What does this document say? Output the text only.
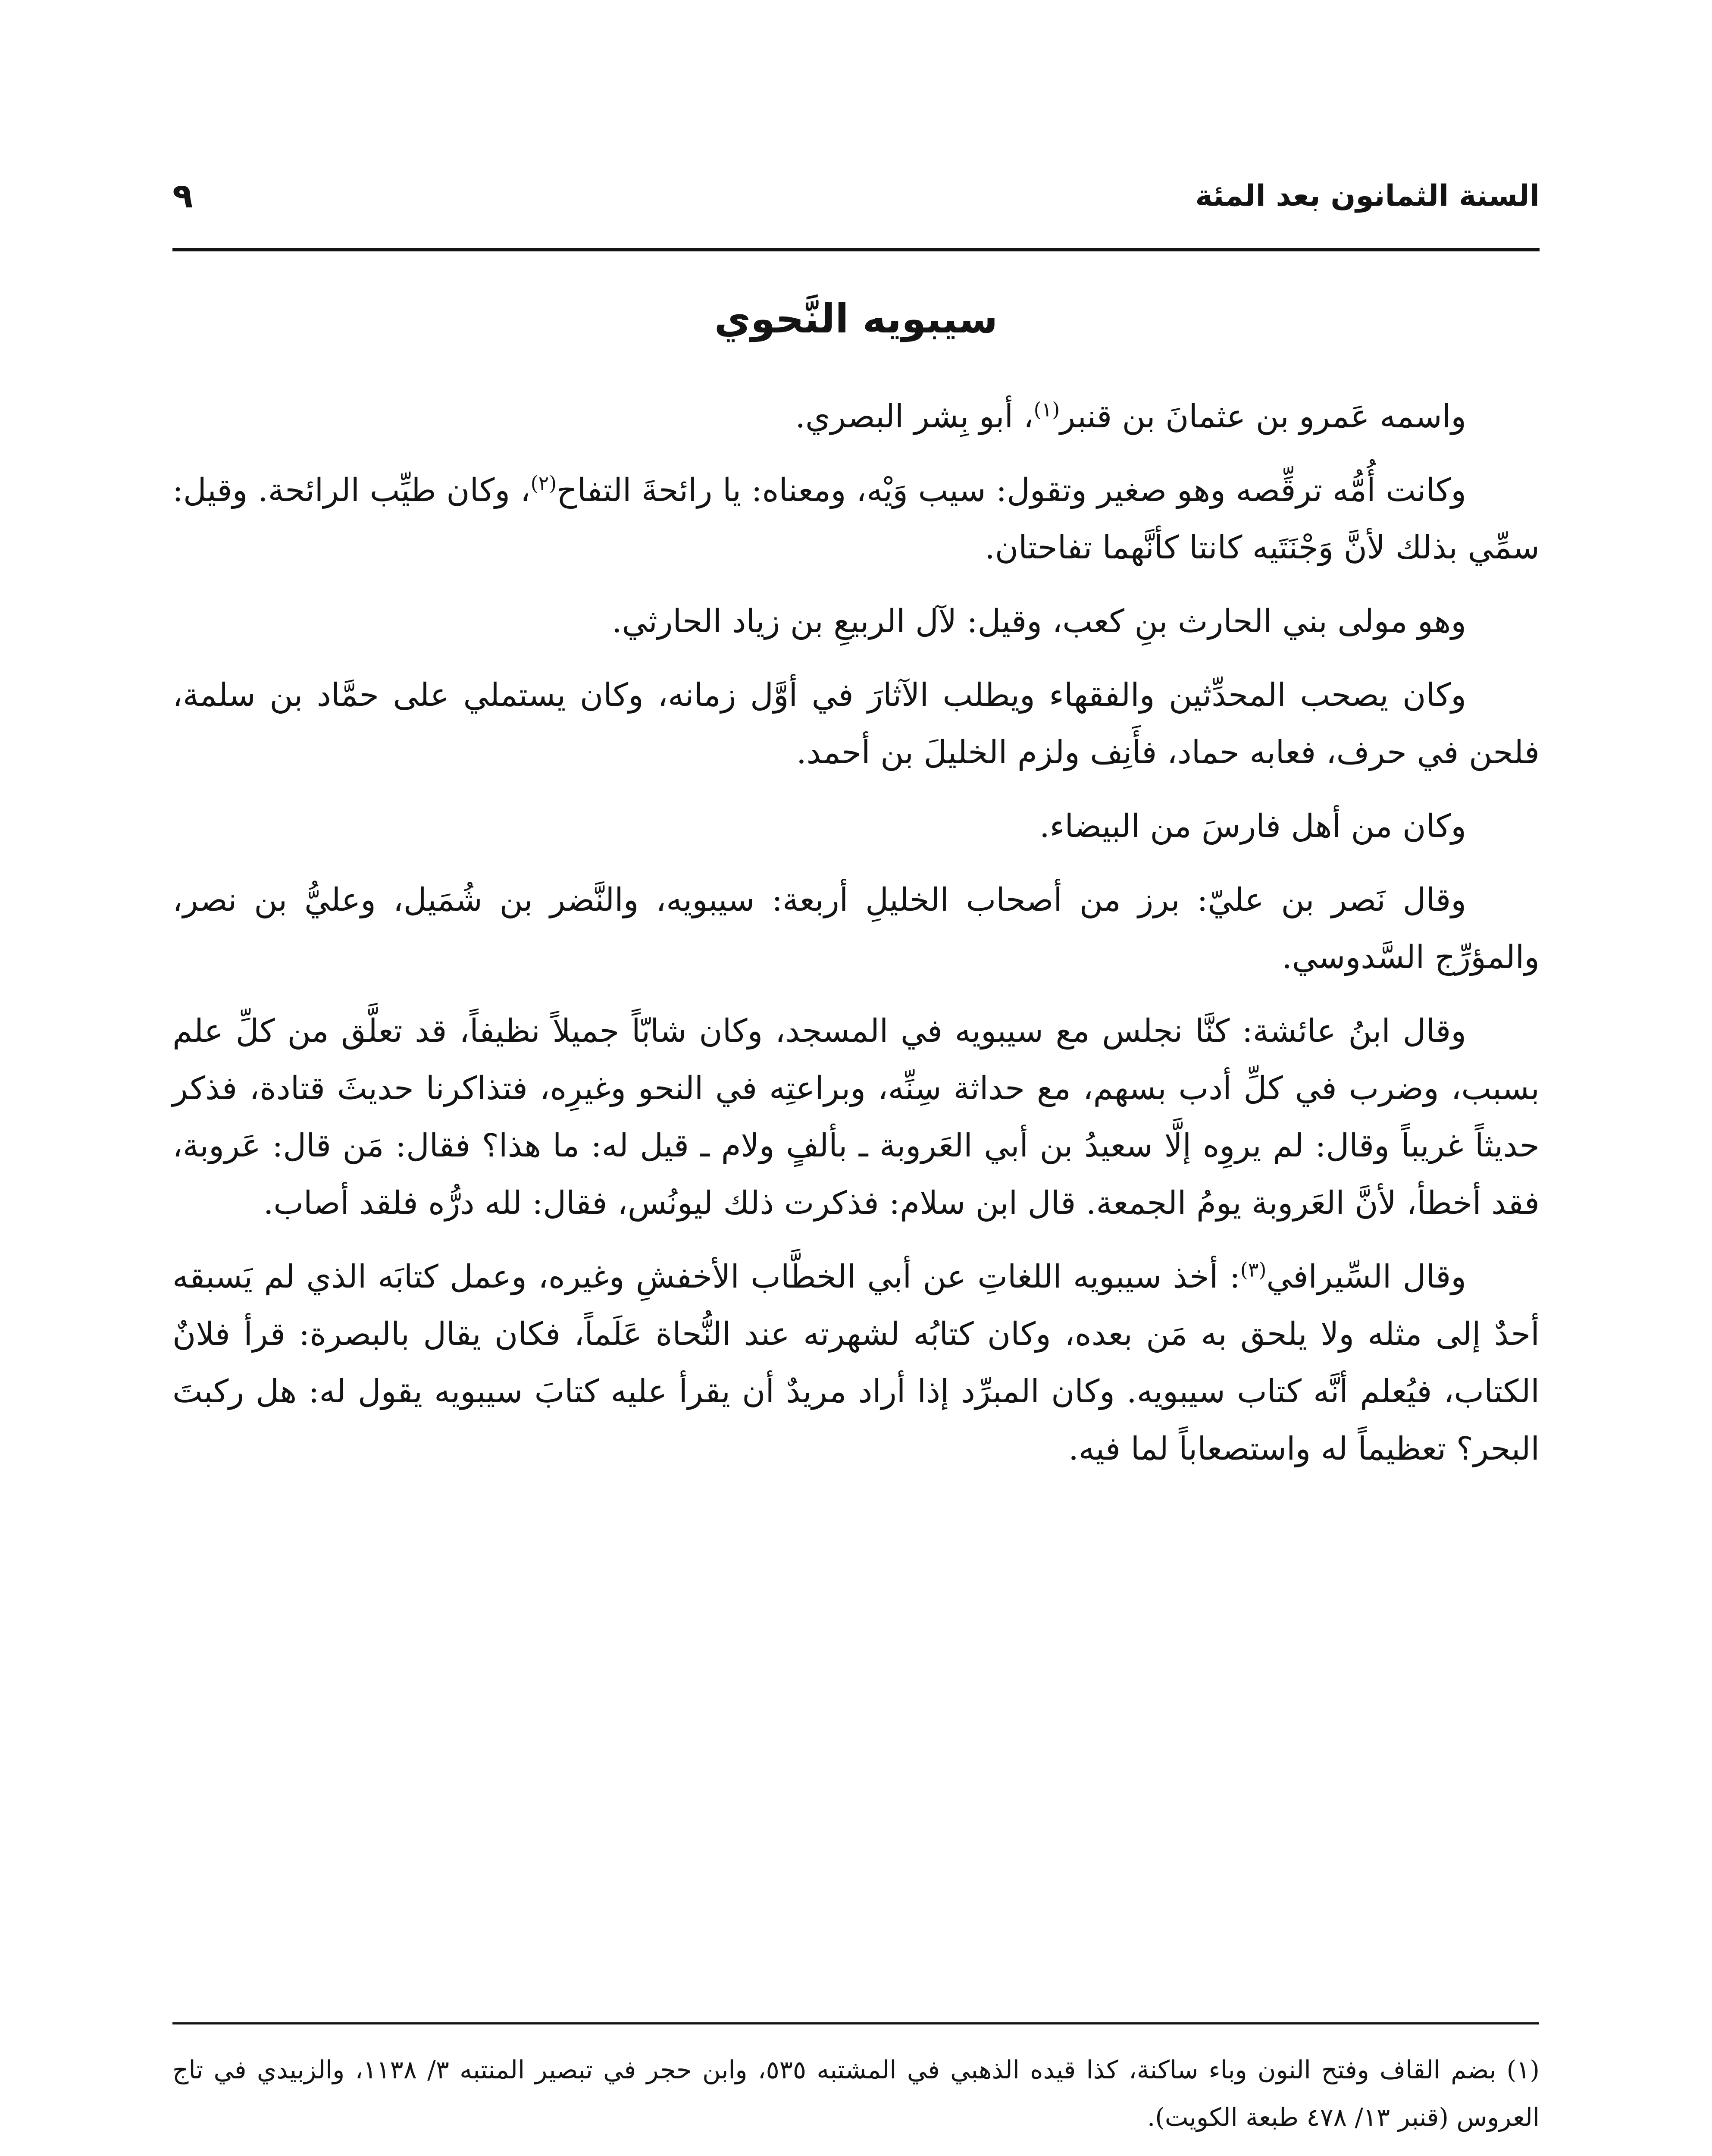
السنة الثمانون بعد المئة
٩
سيبويه النَّحوي

واسمه عَمرو بن عثمانَ بن قنبر$^{(١)}$، أبو بِشر البصري.

وكانت أُمُّه ترقِّصه وهو صغير وتقول: سيب وَيْه، ومعناه: يا رائحةَ التفاح$^{(٢)}$، وكان طيِّب الرائحة. وقيل: سمِّي بذلك لأنَّ وَجْنَتَيه كانتا كأنَّهما تفاحتان.

وهو مولى بني الحارث بنِ كعب، وقيل: لآل الربيعِ بن زياد الحارثي.

وكان يصحب المحدِّثين والفقهاء ويطلب الآثارَ في أوَّل زمانه، وكان يستملي على حمَّاد بن سلمة، فلحن في حرف، فعابه حماد، فأَنِف ولزم الخليلَ بن أحمد.

وكان من أهل فارسَ من البيضاء.

وقال نَصر بن عليّ: برز من أصحاب الخليلِ أربعة: سيبويه، والنَّضر بن شُمَيل، وعليُّ بن نصر، والمؤرِّج السَّدوسي.

وقال ابنُ عائشة: كنَّا نجلس مع سيبويه في المسجد، وكان شابّاً جميلاً نظيفاً، قد تعلَّق من كلِّ علم بسبب، وضرب في كلِّ أدب بسهم، مع حداثة سِنِّه، وبراعتِه في النحو وغيرِه، فتذاكرنا حديثَ قتادة، فذكر حديثاً غريباً وقال: لم يروِه إلَّا سعيدُ بن أبي العَروبة ـ بألفٍ ولام ـ قيل له: ما هذا؟ فقال: مَن قال: عَروبة، فقد أخطأ، لأنَّ العَروبة يومُ الجمعة. قال ابن سلام: فذكرت ذلك ليونُس، فقال: لله درُّه فلقد أصاب.

وقال السِّيرافي$^{(٣)}$: أخذ سيبويه اللغاتِ عن أبي الخطَّاب الأخفشِ وغيره، وعمل كتابَه الذي لم يَسبقه أحدٌ إلى مثله ولا يلحق به مَن بعده، وكان كتابُه لشهرته عند النُّحاة عَلَماً، فكان يقال بالبصرة: قرأ فلانٌ الكتاب، فيُعلم أنَّه كتاب سيبويه. وكان المبرِّد إذا أراد مريدٌ أن يقرأ عليه كتابَ سيبويه يقول له: هل ركبتَ البحر؟ تعظيماً له واستصعاباً لما فيه.

(١) بضم القاف وفتح النون وباء ساكنة، كذا قيده الذهبي في المشتبه ٥٣٥، وابن حجر في تبصير المنتبه ٣/ ١١٣٨، والزبيدي في تاج العروس (قنبر ١٣/ ٤٧٨ طبعة الكويت).
